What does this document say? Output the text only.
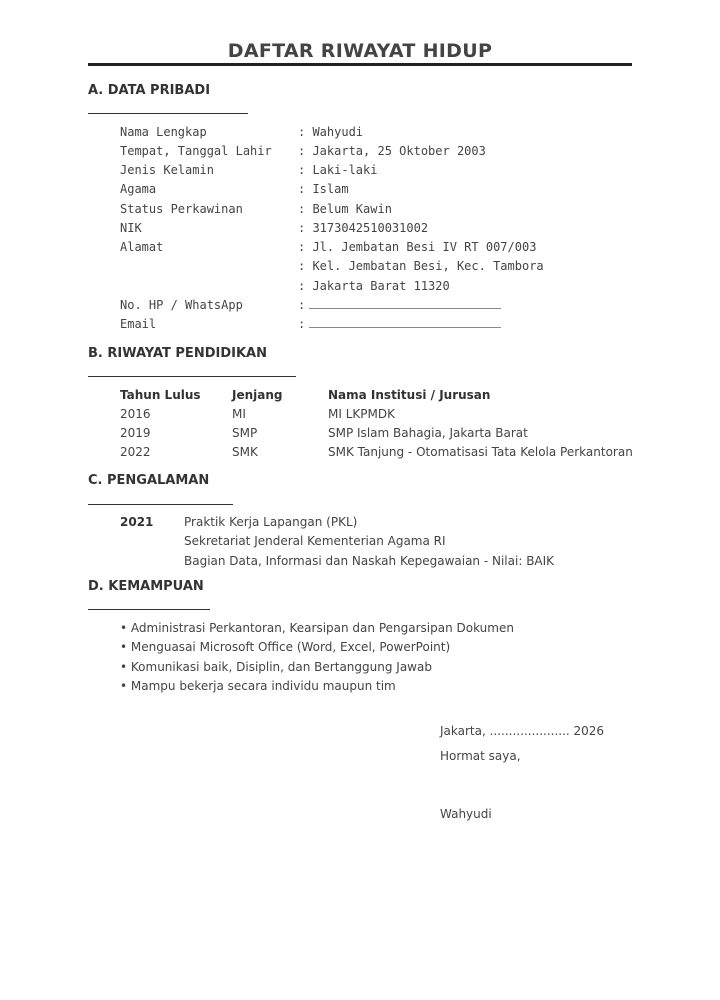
DAFTAR RIWAYAT HIDUP
A. DATA PRIBADI
Nama Lengkap	: Wahyudi
Tempat, Tanggal Lahir : Jakarta, 25 Oktober 2003
Jenis Kelamin	: Laki-laki
Agama	: Islam
Status Perkawinan	: Belum Kawin
NIK	: 3173042510031002
Alamat	: Jl. Jembatan Besi IV RT 007/003
: Kel. Jembatan Besi, Kec. Tambora
: Jakarta Barat 11320
No. HP / WhatsApp	:
Email	:
B. RIWAYAT PENDIDIKAN
Tahun Lulus	Jenjang	Nama Institusi / Jurusan
2016	MI	MI LKPMDK
2019	SMP	SMP Islam Bahagia, Jakarta Barat
2022	SMK	SMK Tanjung - Otomatisasi Tata Kelola Perkantoran
C. PENGALAMAN
2021	Praktik Kerja Lapangan (PKL)
Sekretariat Jenderal Kementerian Agama RI
Bagian Data, Informasi dan Naskah Kepegawaian - Nilai: BAIK
D. KEMAMPUAN
• Administrasi Perkantoran, Kearsipan dan Pengarsipan Dokumen
• Menguasai Microsoft Office (Word, Excel, PowerPoint)
• Komunikasi baik, Disiplin, dan Bertanggung Jawab
• Mampu bekerja secara individu maupun tim
Jakarta, ..................... 2026
Hormat saya,
Wahyudi
